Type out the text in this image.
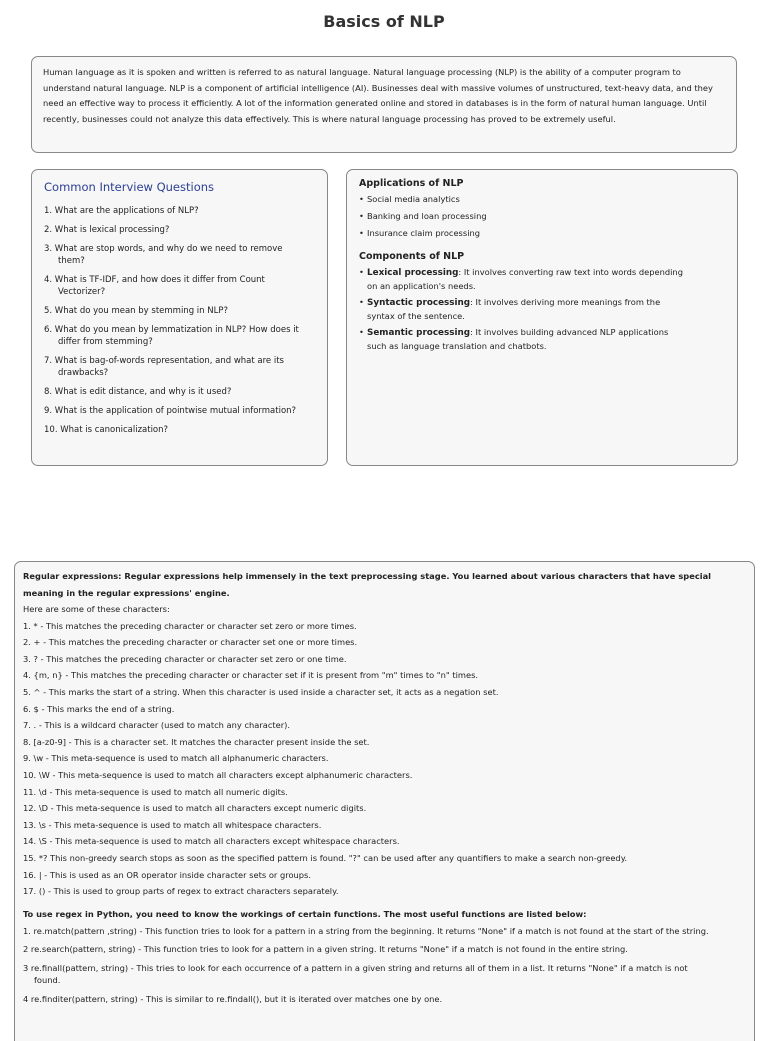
Basics of NLP

Human language as it is spoken and written is referred to as natural language. Natural language processing (NLP) is the ability of a computer program to understand natural language. NLP is a component of artificial intelligence (AI). Businesses deal with massive volumes of unstructured, text-heavy data, and they need an effective way to process it efficiently. A lot of the information generated online and stored in databases is in the form of natural human language. Until recently, businesses could not analyze this data effectively. This is where natural language processing has proved to be extremely useful.

Common Interview Questions
1. What are the applications of NLP?
2. What is lexical processing?
3. What are stop words, and why do we need to remove them?
4. What is TF-IDF, and how does it differ from Count Vectorizer?
5. What do you mean by stemming in NLP?
6. What do you mean by lemmatization in NLP? How does it differ from stemming?
7. What is bag-of-words representation, and what are its drawbacks?
8. What is edit distance, and why is it used?
9. What is the application of pointwise mutual information?
10. What is canonicalization?
Applications of NLP
• Social media analytics
• Banking and loan processing
• Insurance claim processing
Components of NLP
• Lexical processing: It involves converting raw text into words depending on an application's needs.
• Syntactic processing: It involves deriving more meanings from the syntax of the sentence.
• Semantic processing: It involves building advanced NLP applications such as language translation and chatbots.

Regular expressions: Regular expressions help immensely in the text preprocessing stage. You learned about various characters that have special meaning in the regular expressions' engine.

Here are some of these characters:

1. * - This matches the preceding character or character set zero or more times.

2. + - This matches the preceding character or character set one or more times.

3. ? - This matches the preceding character or character set zero or one time.

4. {m, n} - This matches the preceding character or character set if it is present from "m" times to "n" times.

5. ^ - This marks the start of a string. When this character is used inside a character set, it acts as a negation set.

6. $ - This marks the end of a string.

7. . - This is a wildcard character (used to match any character).

8. [a-z0-9] - This is a character set. It matches the character present inside the set.

9. \w - This meta-sequence is used to match all alphanumeric characters.

10. \W - This meta-sequence is used to match all characters except alphanumeric characters.

11. \d - This meta-sequence is used to match all numeric digits.

12. \D - This meta-sequence is used to match all characters except numeric digits.

13. \s - This meta-sequence is used to match all whitespace characters.

14. \S - This meta-sequence is used to match all characters except whitespace characters.

15. *? This non-greedy search stops as soon as the specified pattern is found. "?" can be used after any quantifiers to make a search non-greedy.

16. | - This is used as an OR operator inside character sets or groups.

17. () - This is used to group parts of regex to extract characters separately.

To use regex in Python, you need to know the workings of certain functions. The most useful functions are listed below:

1. re.match(pattern ,string) - This function tries to look for a pattern in a string from the beginning. It returns "None" if a match is not found at the start of the string.

2 re.search(pattern, string) - This function tries to look for a pattern in a given string. It returns "None" if a match is not found in the entire string.

3 re.finall(pattern, string) - This tries to look for each occurrence of a pattern in a given string and returns all of them in a list. It returns "None" if a match is not found.

4 re.finditer(pattern, string) - This is similar to re.findall(), but it is iterated over matches one by one.
